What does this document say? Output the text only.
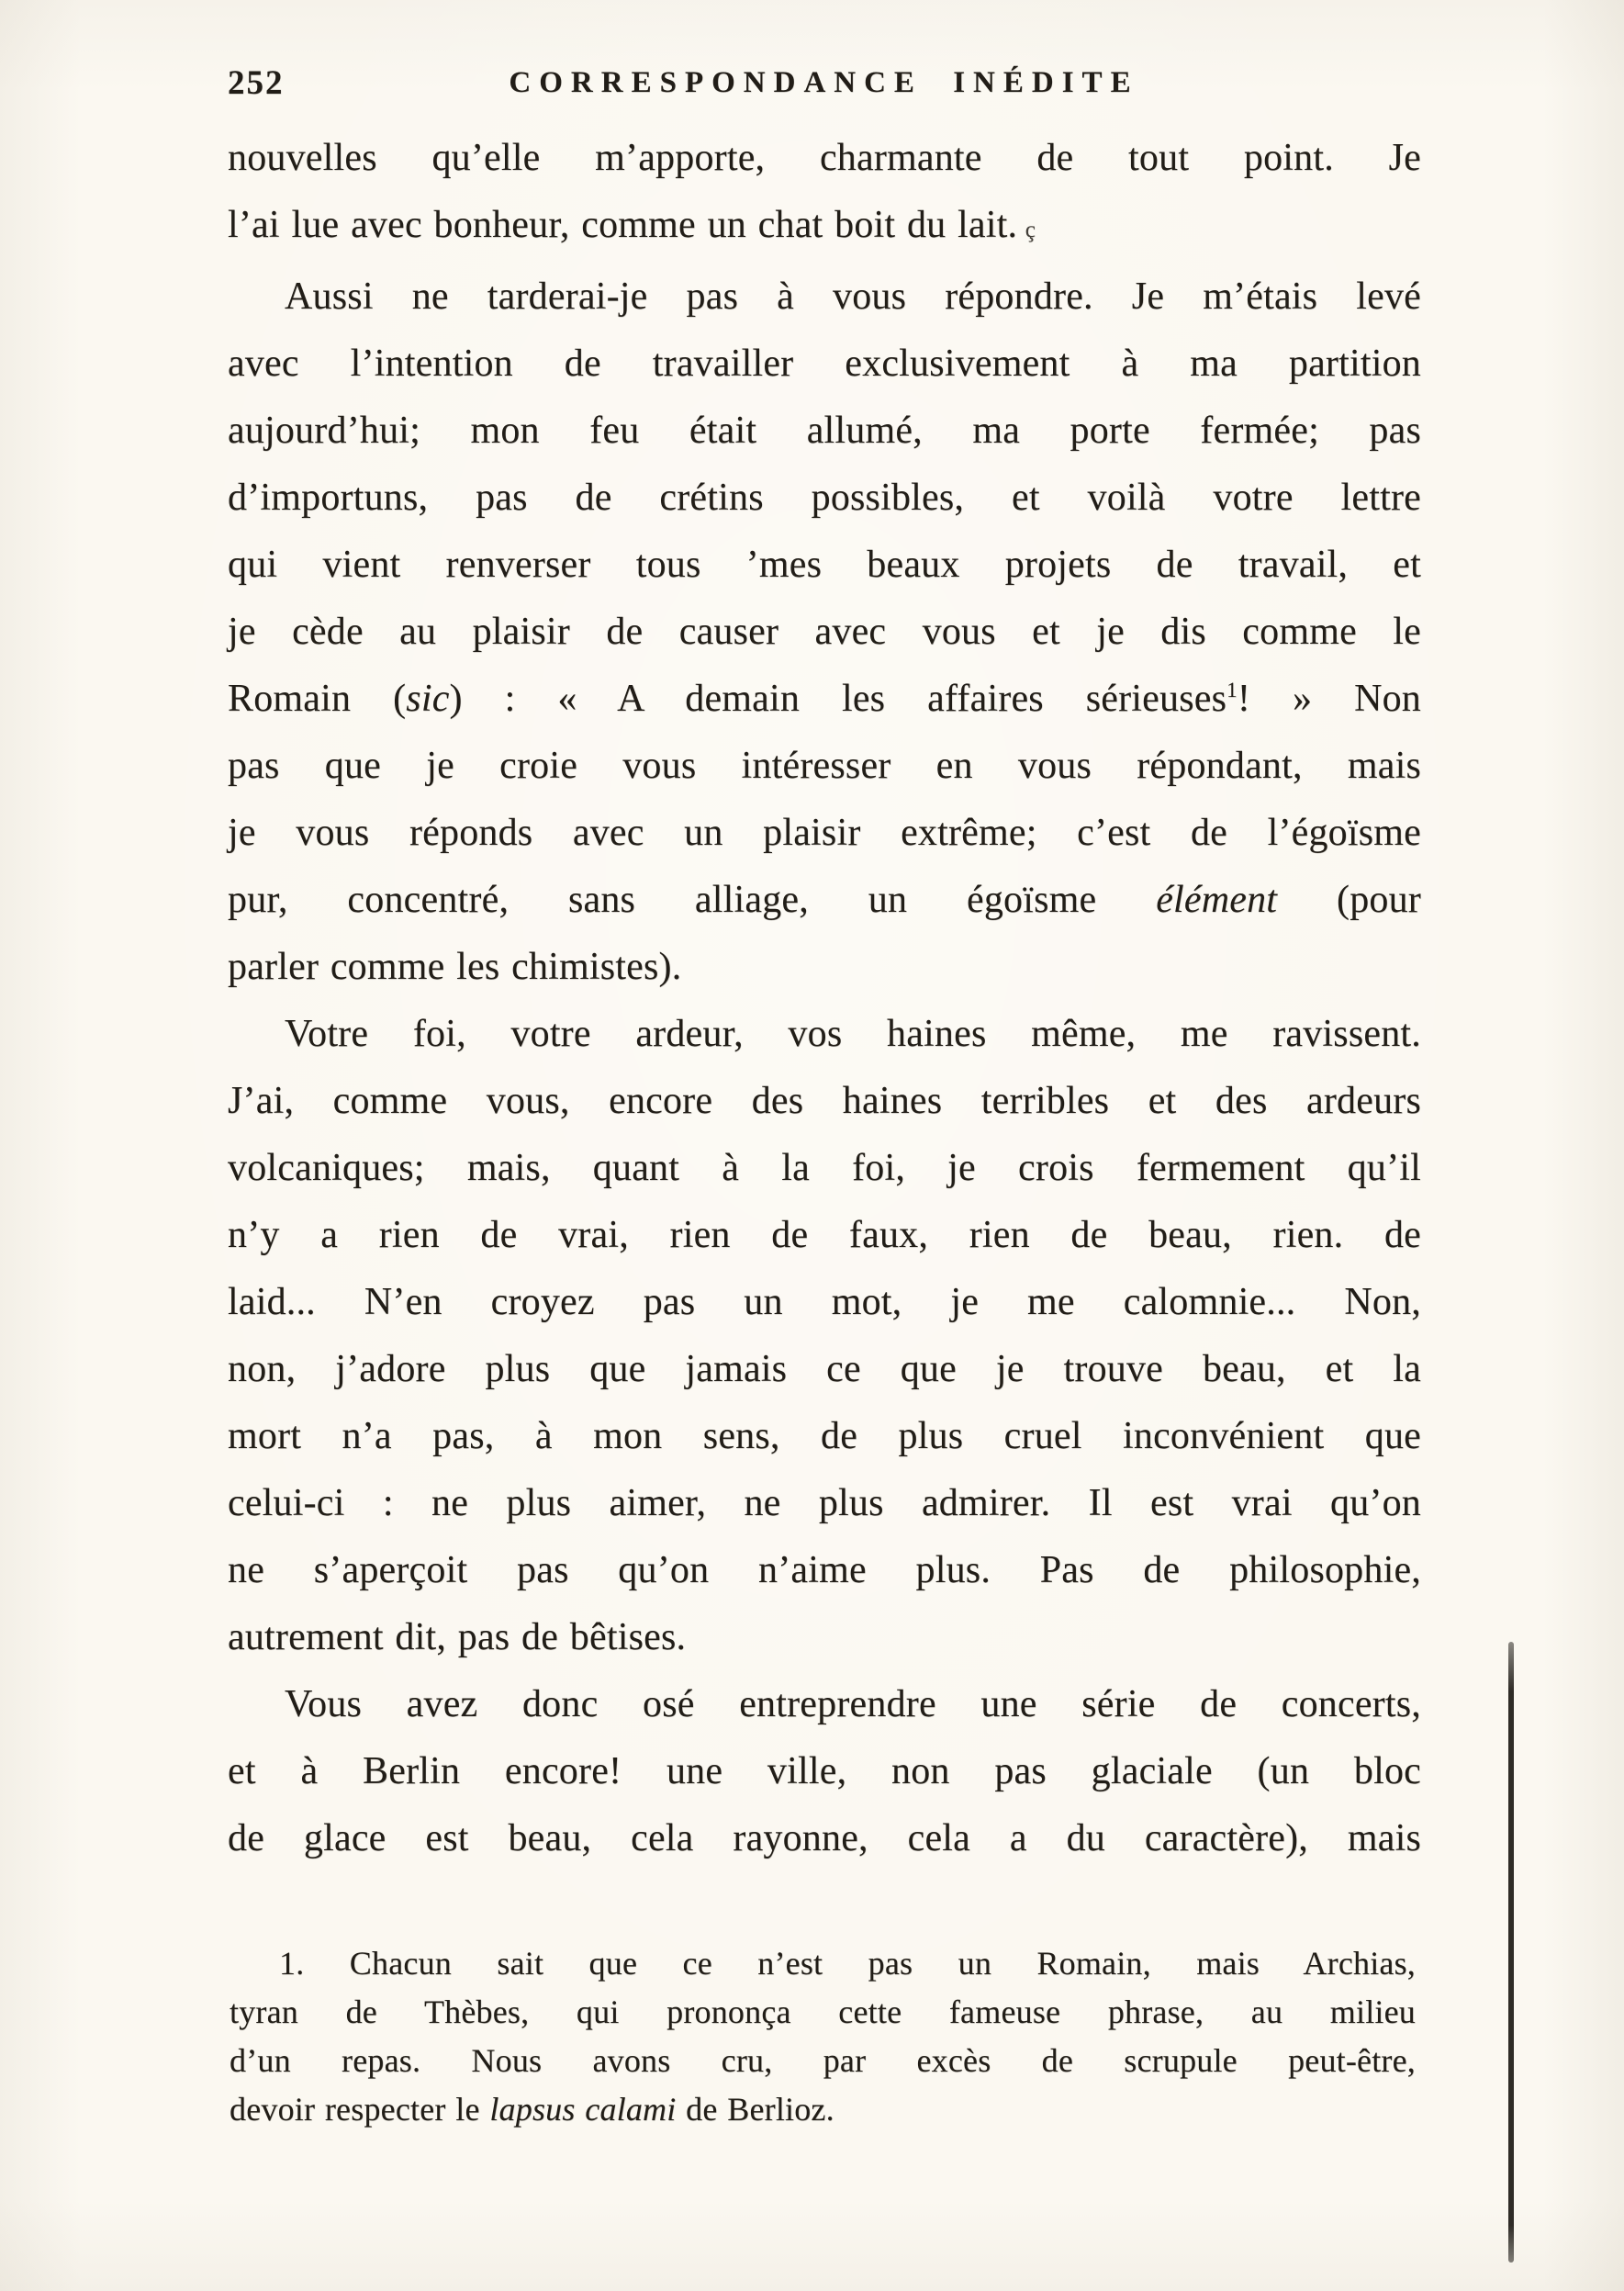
252	CORRESPONDANCE INÉDITE
nouvelles qu’elle m’apporte, charmante de tout point. Je
l’ai lue avec bonheur, comme un chat boit du lait. ç
Aussi ne tarderai-je pas à vous répondre. Je m’étais levé
avec l’intention de travailler exclusivement à ma partition
aujourd’hui; mon feu était allumé, ma porte fermée; pas
d’importuns, pas de crétins possibles, et voilà votre lettre
qui vient renverser tous ’mes beaux projets de travail, et
je cède au plaisir de causer avec vous et je dis comme le
Romain (sic) : « A demain les affaires sérieuses$^1$! » Non
pas que je croie vous intéresser en vous répondant, mais
je vous réponds avec un plaisir extrême; c’est de l’égoïsme
pur, concentré, sans alliage, un égoïsme élément (pour
parler comme les chimistes).
Votre foi, votre ardeur, vos haines même, me ravissent.
J’ai, comme vous, encore des haines terribles et des ardeurs
volcaniques; mais, quant à la foi, je crois fermement qu’il
n’y a rien de vrai, rien de faux, rien de beau, rien. de
laid... N’en croyez pas un mot, je me calomnie... Non,
non, j’adore plus que jamais ce que je trouve beau, et la
mort n’a pas, à mon sens, de plus cruel inconvénient que
celui-ci : ne plus aimer, ne plus admirer. Il est vrai qu’on
ne s’aperçoit pas qu’on n’aime plus. Pas de philosophie,
autrement dit, pas de bêtises.
Vous avez donc osé entreprendre une série de concerts,
et à Berlin encore! une ville, non pas glaciale (un bloc
de glace est beau, cela rayonne, cela a du caractère), mais
1. Chacun sait que ce n’est pas un Romain, mais Archias,
tyran de Thèbes, qui prononça cette fameuse phrase, au milieu
d’un repas. Nous avons cru, par excès de scrupule peut-être,
devoir respecter le lapsus calami de Berlioz.
